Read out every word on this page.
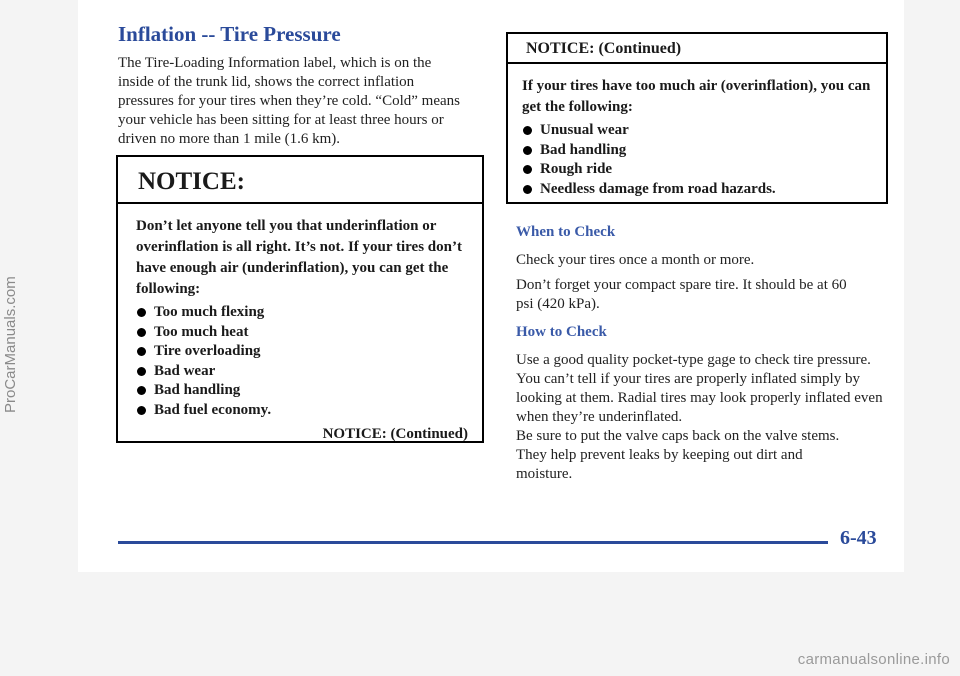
ProCarManuals.com
Inflation -- Tire Pressure
The Tire-Loading Information label, which is on the inside of the trunk lid, shows the correct inflation pressures for your tires when they’re cold. “Cold” means your vehicle has been sitting for at least three hours or driven no more than 1 mile (1.6 km).
NOTICE:
Don’t let anyone tell you that underinflation or overinflation is all right. It’s not. If your tires don’t have enough air (underinflation), you can get the following:
Too much flexing
Too much heat
Tire overloading
Bad wear
Bad handling
Bad fuel economy.
NOTICE: (Continued)
NOTICE: (Continued)
If your tires have too much air (overinflation), you can get the following:
Unusual wear
Bad handling
Rough ride
Needless damage from road hazards.
When to Check
Check your tires once a month or more.
Don’t forget your compact spare tire. It should be at 60 psi (420 kPa).
How to Check
Use a good quality pocket-type gage to check tire pressure. You can’t tell if your tires are properly inflated simply by looking at them. Radial tires may look properly inflated even when they’re underinflated.
Be sure to put the valve caps back on the valve stems. They help prevent leaks by keeping out dirt and moisture.
6-43
carmanualsonline.info
